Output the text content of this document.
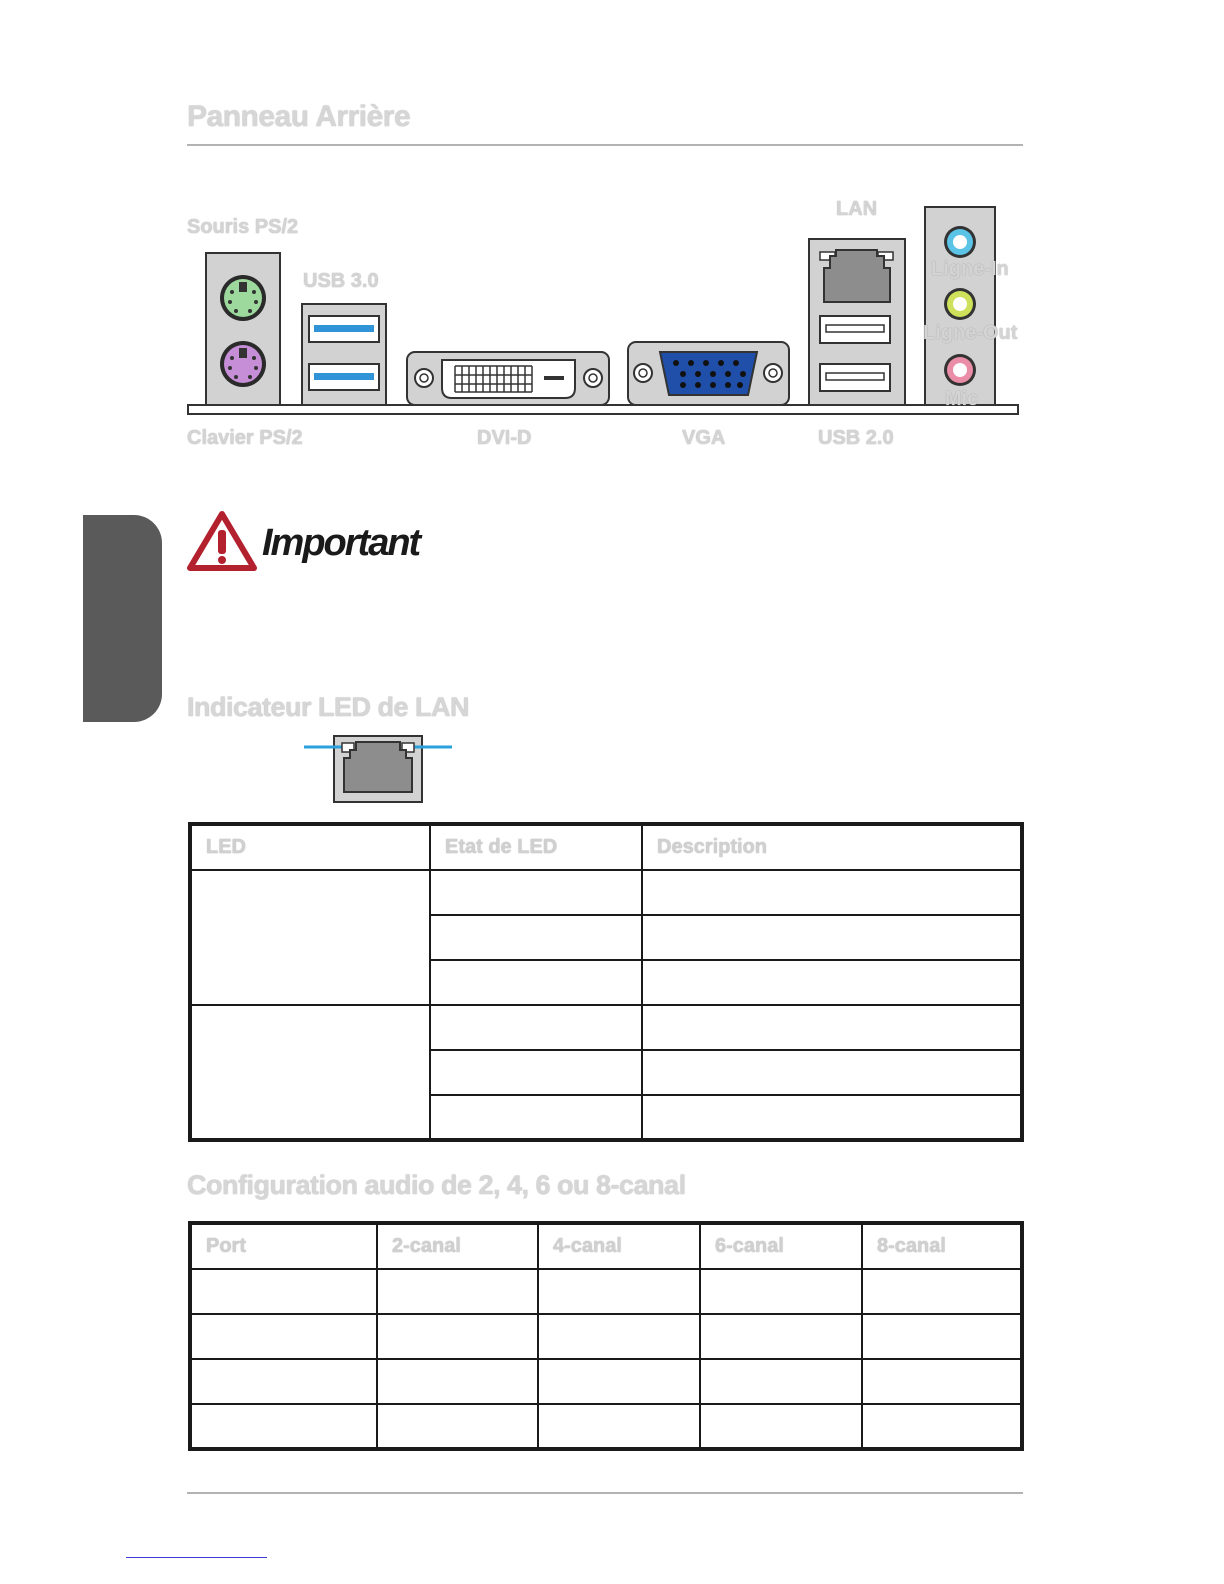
Panneau Arrière
Souris PS/2
USB 3.0
LAN
Clavier PS/2	DVI-D	VGA	USB 2.0
Ligne-In
Ligne-Out
Mic
Important
Indicateur LED de LAN
LED	Etat de LED	Description

Configuration audio de 2, 4, 6 ou 8-canal
Port	2-canal	4-canal	6-canal	8-canal
